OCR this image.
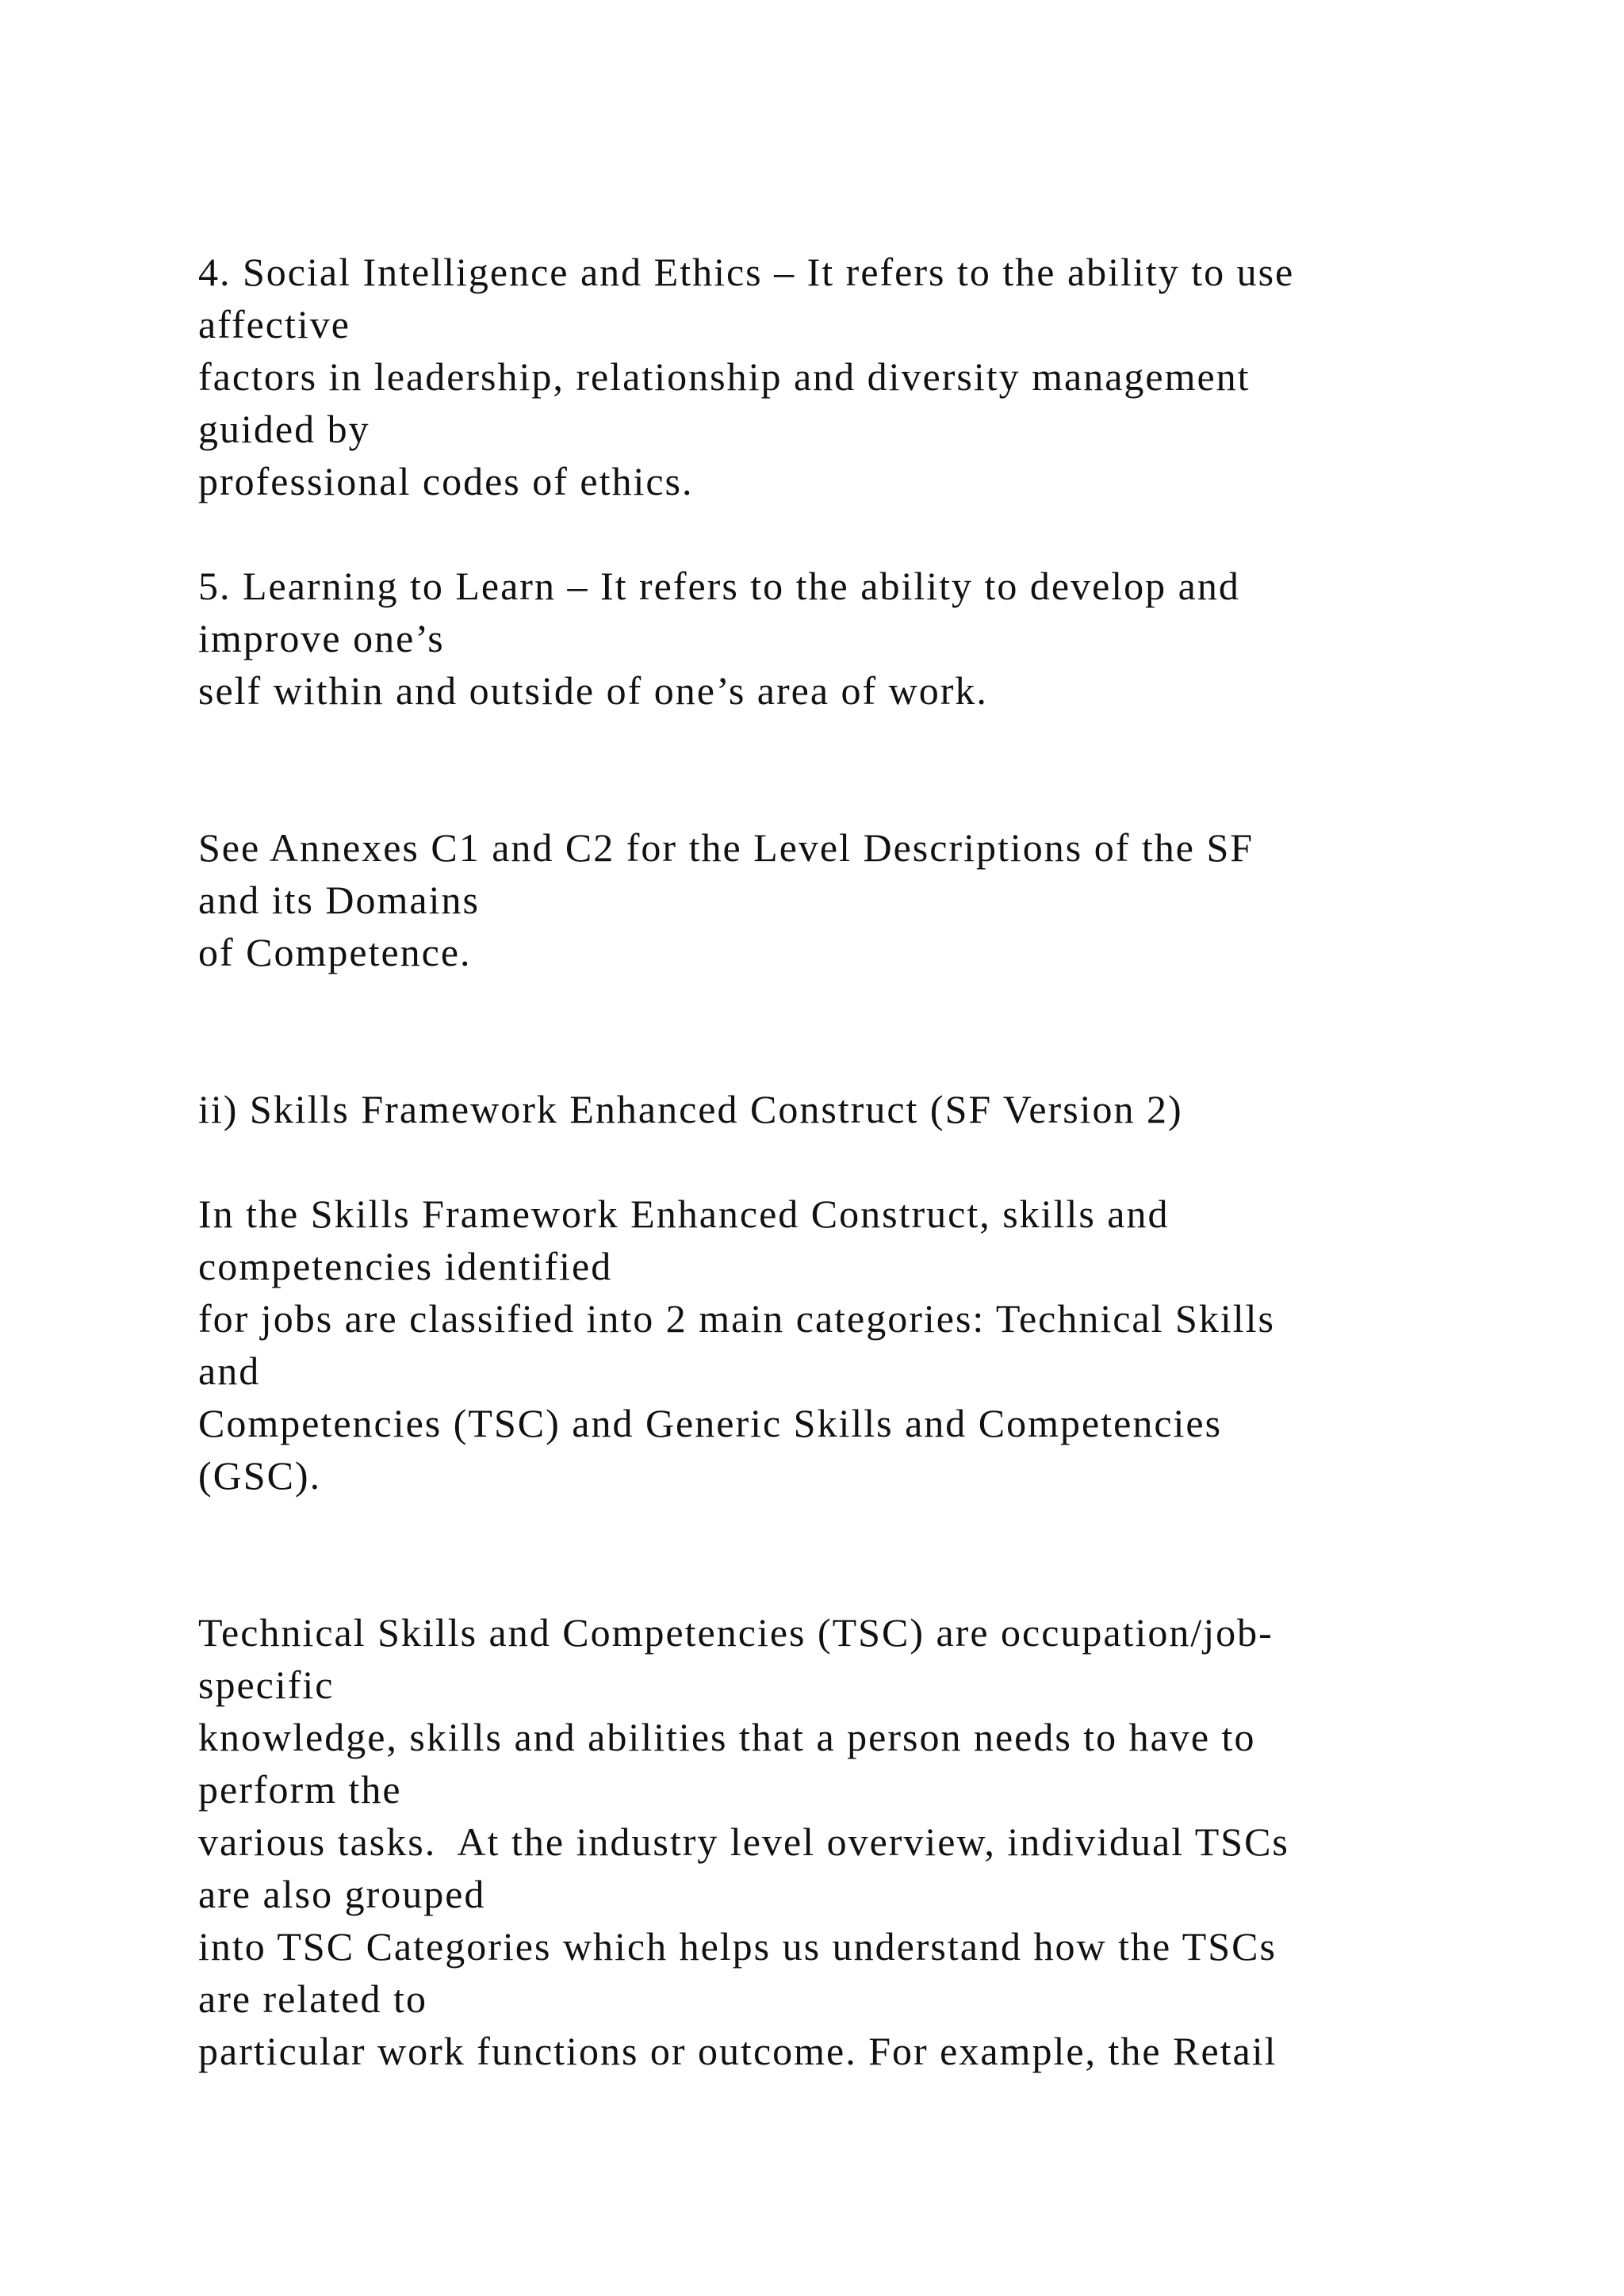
4. Social Intelligence and Ethics – It refers to the ability to use
affective
factors in leadership, relationship and diversity management
guided by
professional codes of ethics.
5. Learning to Learn – It refers to the ability to develop and
improve one’s
self within and outside of one’s area of work.
See Annexes C1 and C2 for the Level Descriptions of the SF
and its Domains
of Competence.
ii) Skills Framework Enhanced Construct (SF Version 2)
In the Skills Framework Enhanced Construct, skills and
competencies identified
for jobs are classified into 2 main categories: Technical Skills
and
Competencies (TSC) and Generic Skills and Competencies
(GSC).
Technical Skills and Competencies (TSC) are occupation/job-
specific
knowledge, skills and abilities that a person needs to have to
perform the
various tasks.  At the industry level overview, individual TSCs
are also grouped
into TSC Categories which helps us understand how the TSCs
are related to
particular work functions or outcome. For example, the Retail
